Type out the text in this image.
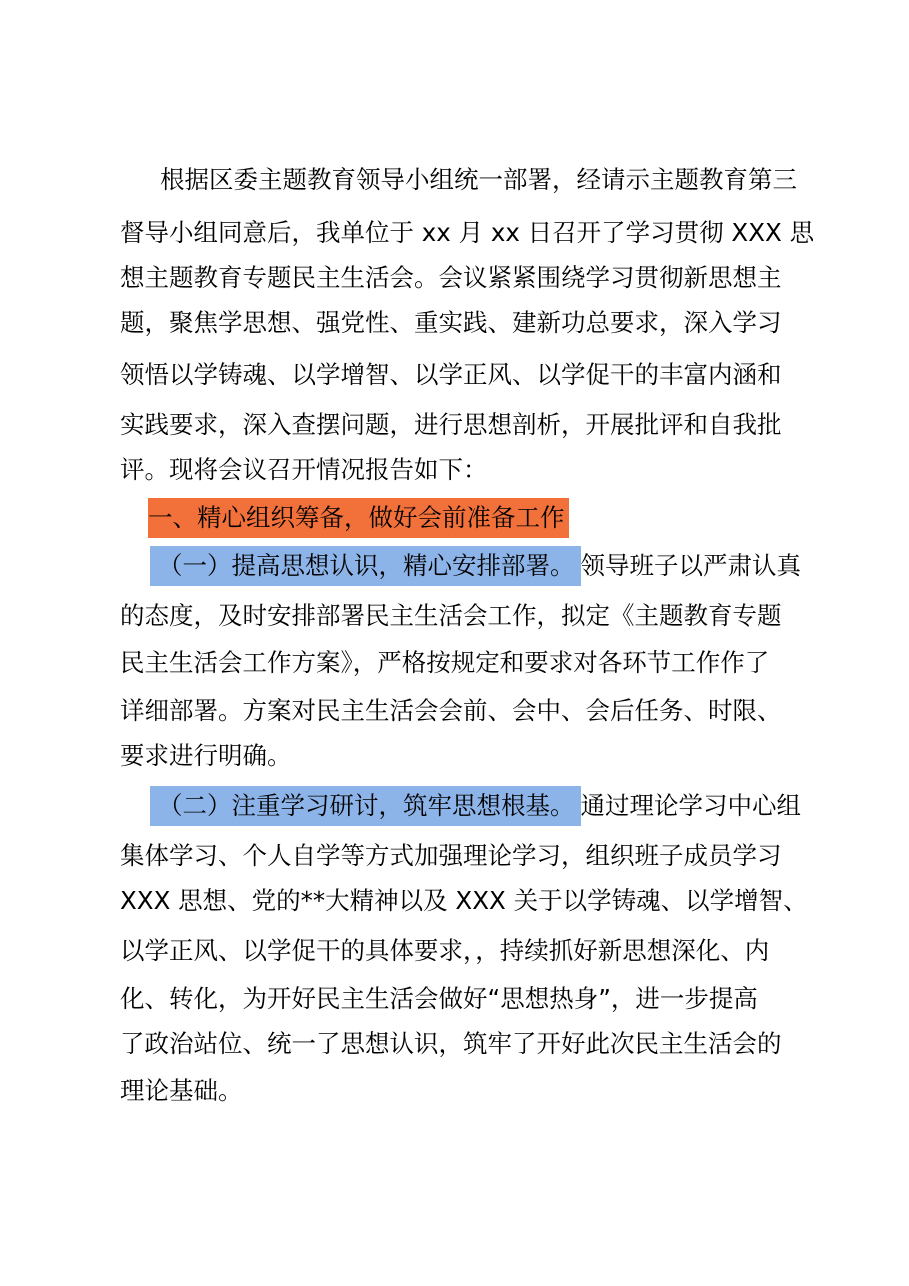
根据区委主题教育领导小组统一部署，经请示主题教育第三
督导小组同意后，我单位于 xx 月 xx 日召开了学习贯彻 XXX 思
想主题教育专题民主生活会。会议紧紧围绕学习贯彻新思想主
题，聚焦学思想、强党性、重实践、建新功总要求，深入学习
领悟以学铸魂、以学增智、以学正风、以学促干的丰富内涵和
实践要求，深入查摆问题，进行思想剖析，开展批评和自我批
评。现将会议召开情况报告如下：
一、精心组织筹备，做好会前准备工作
（一）提高思想认识，精心安排部署。 领导班子以严肃认真
的态度，及时安排部署民主生活会工作，拟定《主题教育专题
民主生活会工作方案》，严格按规定和要求对各环节工作作了
详细部署。方案对民主生活会会前、会中、会后任务、时限、
要求进行明确。
（二）注重学习研讨，筑牢思想根基。 通过理论学习中心组
集体学习、个人自学等方式加强理论学习，组织班子成员学习
XXX 思想、党的**大精神以及 XXX 关于以学铸魂、以学增智、
以学正风、以学促干的具体要求，，持续抓好新思想深化、内
化、转化，为开好民主生活会做好“思想热身”，进一步提高
了政治站位、统一了思想认识，筑牢了开好此次民主生活会的
理论基础。
